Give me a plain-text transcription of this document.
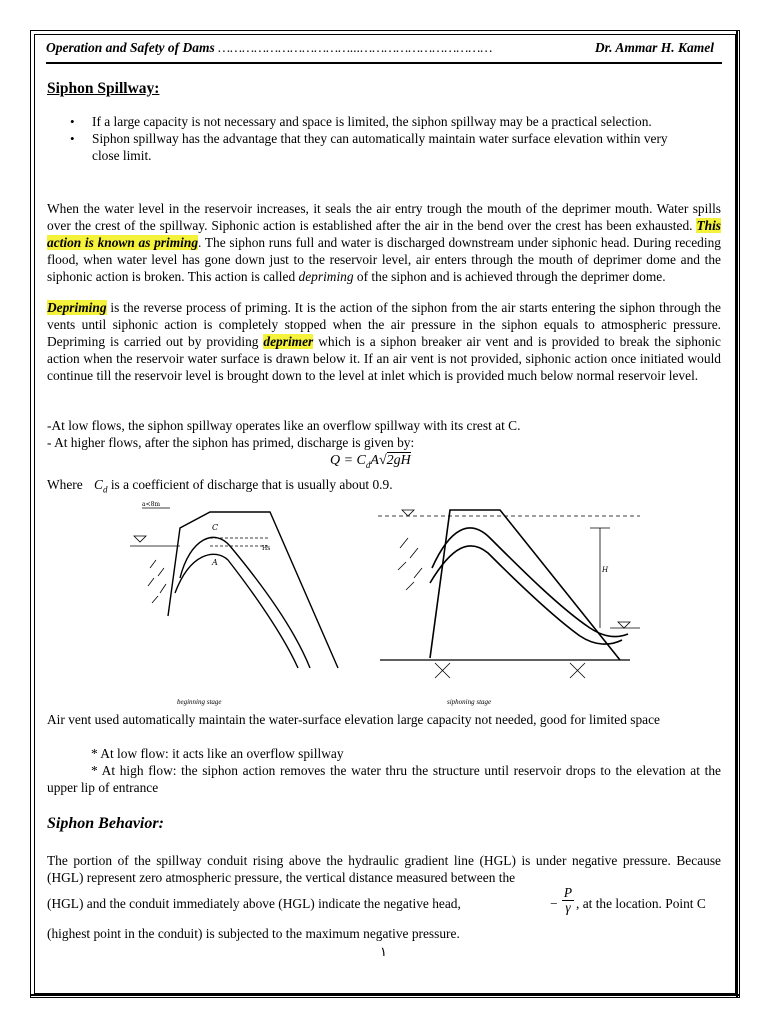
Operation and Safety of Dams ……………………………...……………………………	Dr. Ammar H. Kamel
Siphon Spillway:
• If a large capacity is not necessary and space is limited, the siphon spillway may be a practical selection.
• Siphon spillway has the advantage that they can automatically maintain water surface elevation within very close limit.

When the water level in the reservoir increases, it seals the air entry trough the mouth of the deprimer mouth. Water spills over the crest of the spillway. Siphonic action is established after the air in the bend over the crest has been exhausted. This action is known as priming. The siphon runs full and water is discharged downstream under siphonic head. During receding flood, when water level has gone down just to the reservoir level, air enters through the mouth of deprimer dome and the siphonic action is broken. This action is called depriming of the siphon and is achieved through the deprimer dome.

Depriming is the reverse process of priming. It is the action of the siphon from the air starts entering the siphon through the vents until siphonic action is completely stopped when the air pressure in the siphon equals to atmospheric pressure. Depriming is carried out by providing deprimer which is a siphon breaker air vent and is provided to break the siphonic action when the reservoir water surface is drawn below it. If an air vent is not provided, siphonic action once initiated would continue till the reservoir level is brought down to the level at inlet which is provided much below normal reservoir level.

-At low flows, the siphon spillway operates like an overflow spillway with its crest at C.

- At higher flows, after the siphon has primed, discharge is given by:

$Q = C_dA√2gH$

Where $C_d$ is a coefficient of discharge that is usually about 0.9.

a<8m
C
A
Hs
beginning stage
H
siphoning stage

Air vent used automatically maintain the water-surface elevation large capacity not needed, good for limited space

* At low flow: it acts like an overflow spillway

* At high flow: the siphon action removes the water thru the structure until reservoir drops to the elevation at the upper lip of entrance

Siphon Behavior:

The portion of the spillway conduit rising above the hydraulic gradient line (HGL) is under negative pressure. Because (HGL) represent zero atmospheric pressure, the vertical distance measured between the

(HGL) and the conduit immediately above (HGL) indicate the negative head,	− $\frac{P}{\gamma}$ , at the location. Point C

(highest point in the conduit) is subjected to the maximum negative pressure.

١
